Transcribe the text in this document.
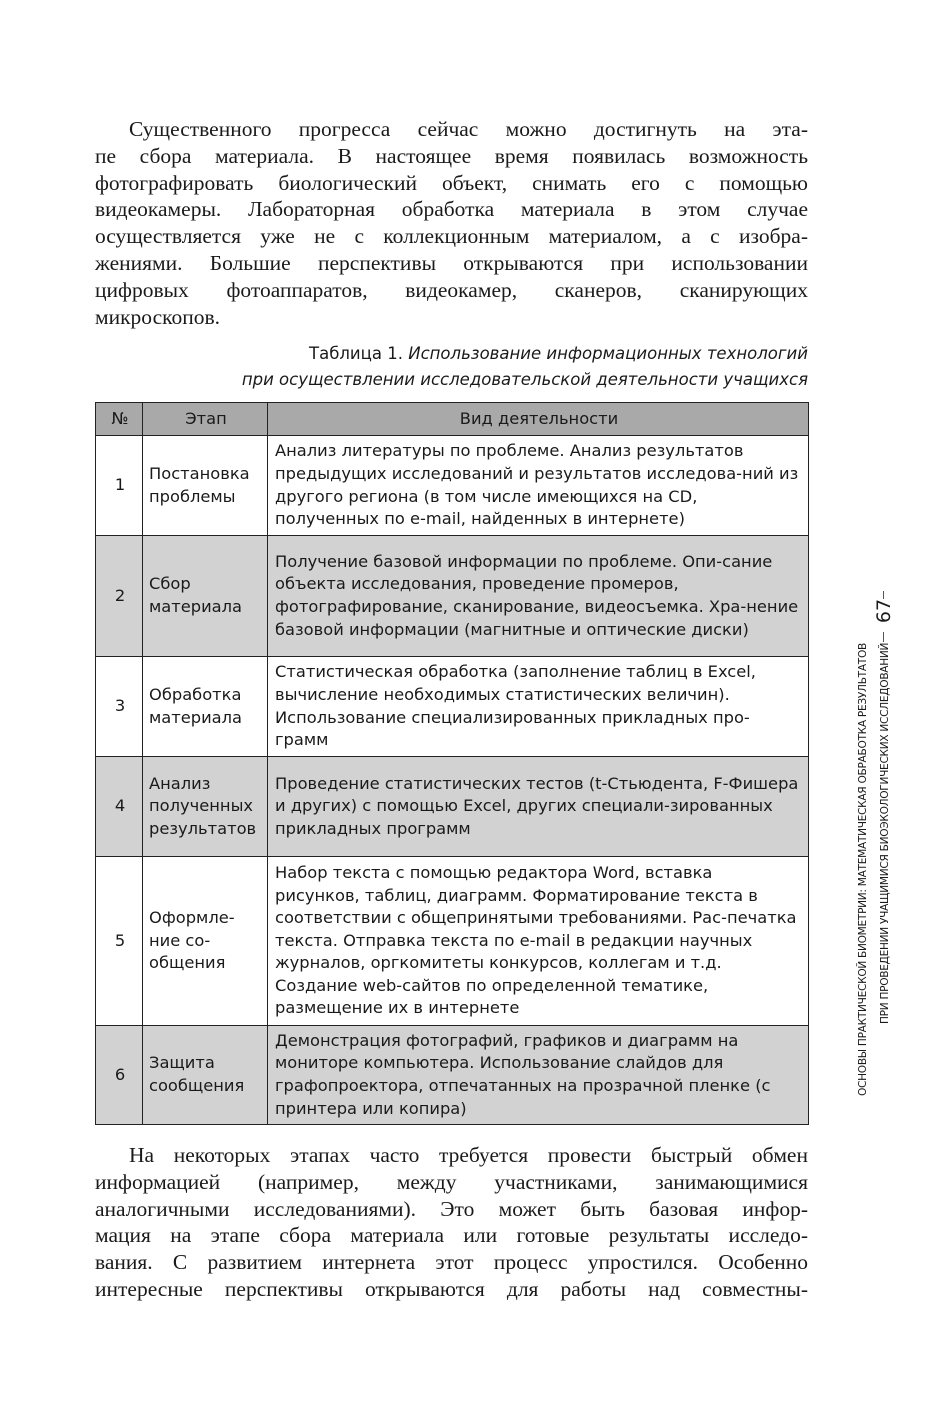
Существенного прогресса сейчас можно достигнуть на эта-
пе сбора материала. В настоящее время появилась возможность
фотографировать биологический объект, снимать его с помощью
видеокамеры. Лабораторная обработка материала в этом случае
осуществляется уже не с коллекционным материалом, а с изобра-
жениями. Большие перспективы открываются при использовании
цифровых фотоаппаратов, видеокамер, сканеров, сканирующих
микроскопов.
Таблица 1. Использование информационных технологий
при осуществлении исследовательской деятельности учащихся
№	Этап	Вид деятельности
1	Постановка проблемы	Анализ литературы по проблеме. Анализ результатов предыдущих исследований и результатов исследова-ний из другого региона (в том числе имеющихся на CD, полученных по e-mail, найденных в интернете)
2	Сбор материала	Получение базовой информации по проблеме. Опи-сание объекта исследования, проведение промеров, фотографирование, сканирование, видеосъемка. Хра-нение базовой информации (магнитные и оптические диски)
3	Обработка материала	Статистическая обработка (заполнение таблиц в Excel, вычисление необходимых статистических величин). Использование специализированных прикладных про-грамм
4	Анализ полученных результатов	Проведение статистических тестов (t-Стьюдента, F-Фишера и других) с помощью Excel, других специали-зированных прикладных программ
5	Оформле-ние со-общения	Набор текста с помощью редактора Word, вставка рисунков, таблиц, диаграмм. Форматирование текста в соответствии с общепринятыми требованиями. Рас-печатка текста. Отправка текста по e-mail в редакции научных журналов, оргкомитеты конкурсов, коллегам и т.д. Создание web-сайтов по определенной тематике, размещение их в интернете
6	Защита сообщения	Демонстрация фотографий, графиков и диаграмм на мониторе компьютера. Использование слайдов для графопроектора, отпечатанных на прозрачной пленке (с принтера или копира)
На некоторых этапах часто требуется провести быстрый обмен
информацией (например, между участниками, занимающимися
аналогичными исследованиями). Это может быть базовая инфор-
мация на этапе сбора материала или готовые результаты исследо-
вания. С развитием интернета этот процесс упростился. Особенно
интересные перспективы открываются для работы над совместны-
67
ОСНОВЫ ПРАКТИЧЕСКОЙ БИОМЕТРИИ: МАТЕМАТИЧЕСКАЯ ОБРАБОТКА РЕЗУЛЬТАТОВ ПРИ ПРОВЕДЕНИИ УЧАЩИМИСЯ БИОЭКОЛОГИЧЕСКИХ ИССЛЕДОВАНИЙ
